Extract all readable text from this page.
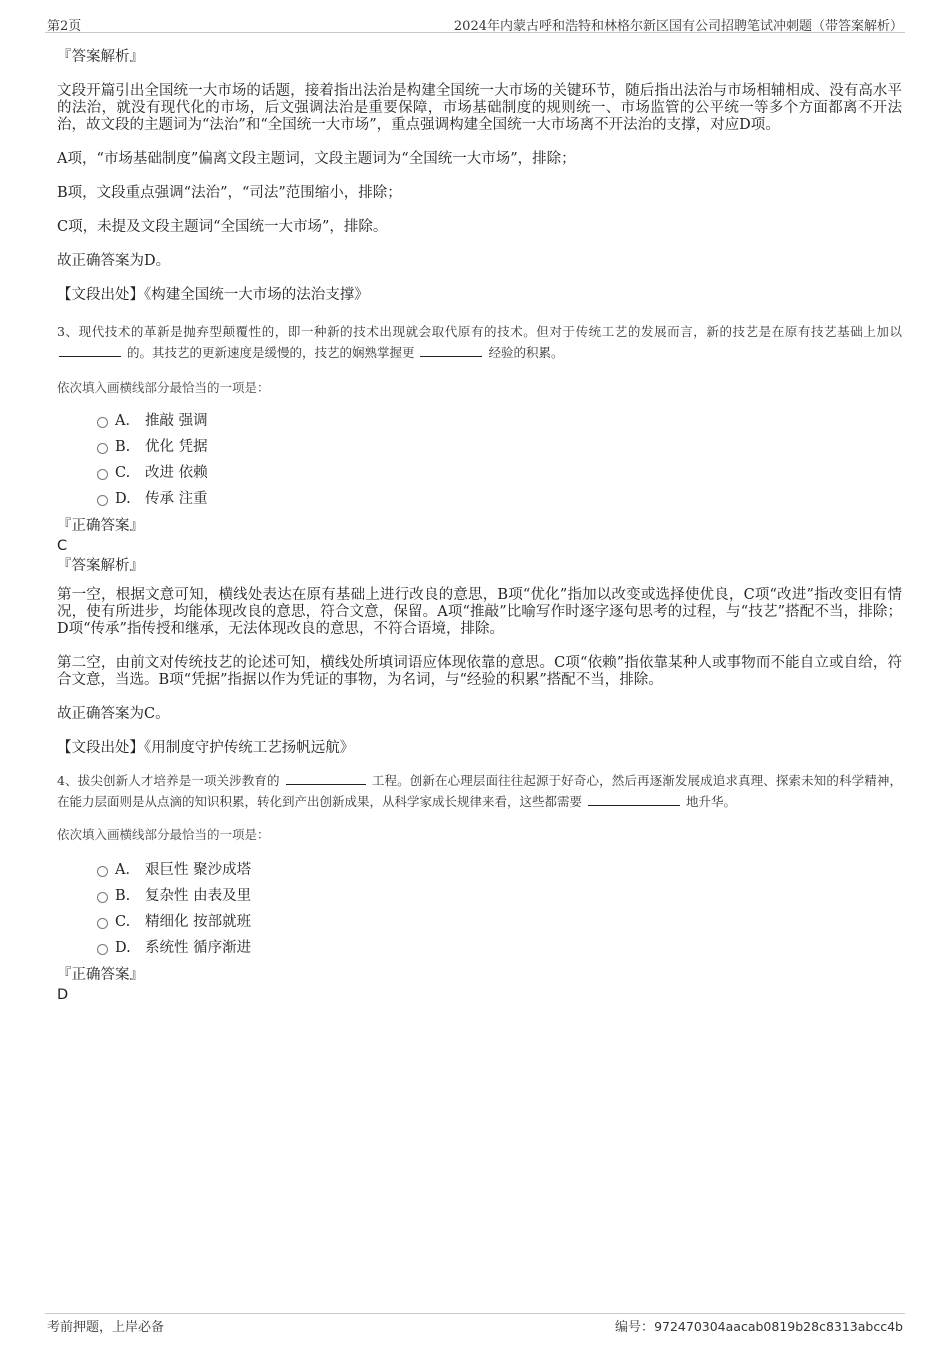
第2页	2024年内蒙古呼和浩特和林格尔新区国有公司招聘笔试冲刺题（带答案解析）

『答案解析』

文段开篇引出全国统一大市场的话题，接着指出法治是构建全国统一大市场的关键环节，随后指出法治与市场相辅相成、没有高水平的法治，就没有现代化的市场，后文强调法治是重要保障，市场基础制度的规则统一、市场监管的公平统一等多个方面都离不开法治，故文段的主题词为“法治”和“全国统一大市场”，重点强调构建全国统一大市场离不开法治的支撑，对应D项。

A项，“市场基础制度”偏离文段主题词，文段主题词为“全国统一大市场”，排除；

B项，文段重点强调“法治”，“司法”范围缩小，排除；

C项，未提及文段主题词“全国统一大市场”，排除。

故正确答案为D。

【文段出处】《构建全国统一大市场的法治支撑》

3、现代技术的革新是抛弃型颠覆性的，即一种新的技术出现就会取代原有的技术。但对于传统工艺的发展而言，新的技艺是在原有技艺基础上加以  的。其技艺的更新速度是缓慢的，技艺的娴熟掌握更	经验的积累。

依次填入画横线部分最恰当的一项是：

A． 推敲 强调
B. 优化 凭据
C. 改进 依赖
D. 传承 注重

『正确答案』

C

『答案解析』

第一空，根据文意可知，横线处表达在原有基础上进行改良的意思，B项“优化”指加以改变或选择使优良，C项“改进”指改变旧有情况，使有所进步，均能体现改良的意思，符合文意，保留。A项“推敲”比喻写作时逐字逐句思考的过程，与“技艺”搭配不当，排除；D项“传承”指传授和继承，无法体现改良的意思，不符合语境，排除。

第二空，由前文对传统技艺的论述可知，横线处所填词语应体现依靠的意思。C项“依赖”指依靠某种人或事物而不能自立或自给，符合文意，当选。B项“凭据”指据以作为凭证的事物，为名词，与“经验的积累”搭配不当，排除。

故正确答案为C。

【文段出处】《用制度守护传统工艺扬帆远航》

4、拔尖创新人才培养是一项关涉教育的	工程。创新在心理层面往往起源于好奇心，然后再逐渐发展成追求真理、探索未知的科学精神，在能力层面则是从点滴的知识积累，转化到产出创新成果，从科学家成长规律来看，这些都需要	地升华。

依次填入画横线部分最恰当的一项是：

A． 艰巨性 聚沙成塔
B. 复杂性 由表及里
C. 精细化 按部就班
D. 系统性 循序渐进

『正确答案』

D

考前押题，上岸必备	编号：972470304aacab0819b28c8313abcc4b
